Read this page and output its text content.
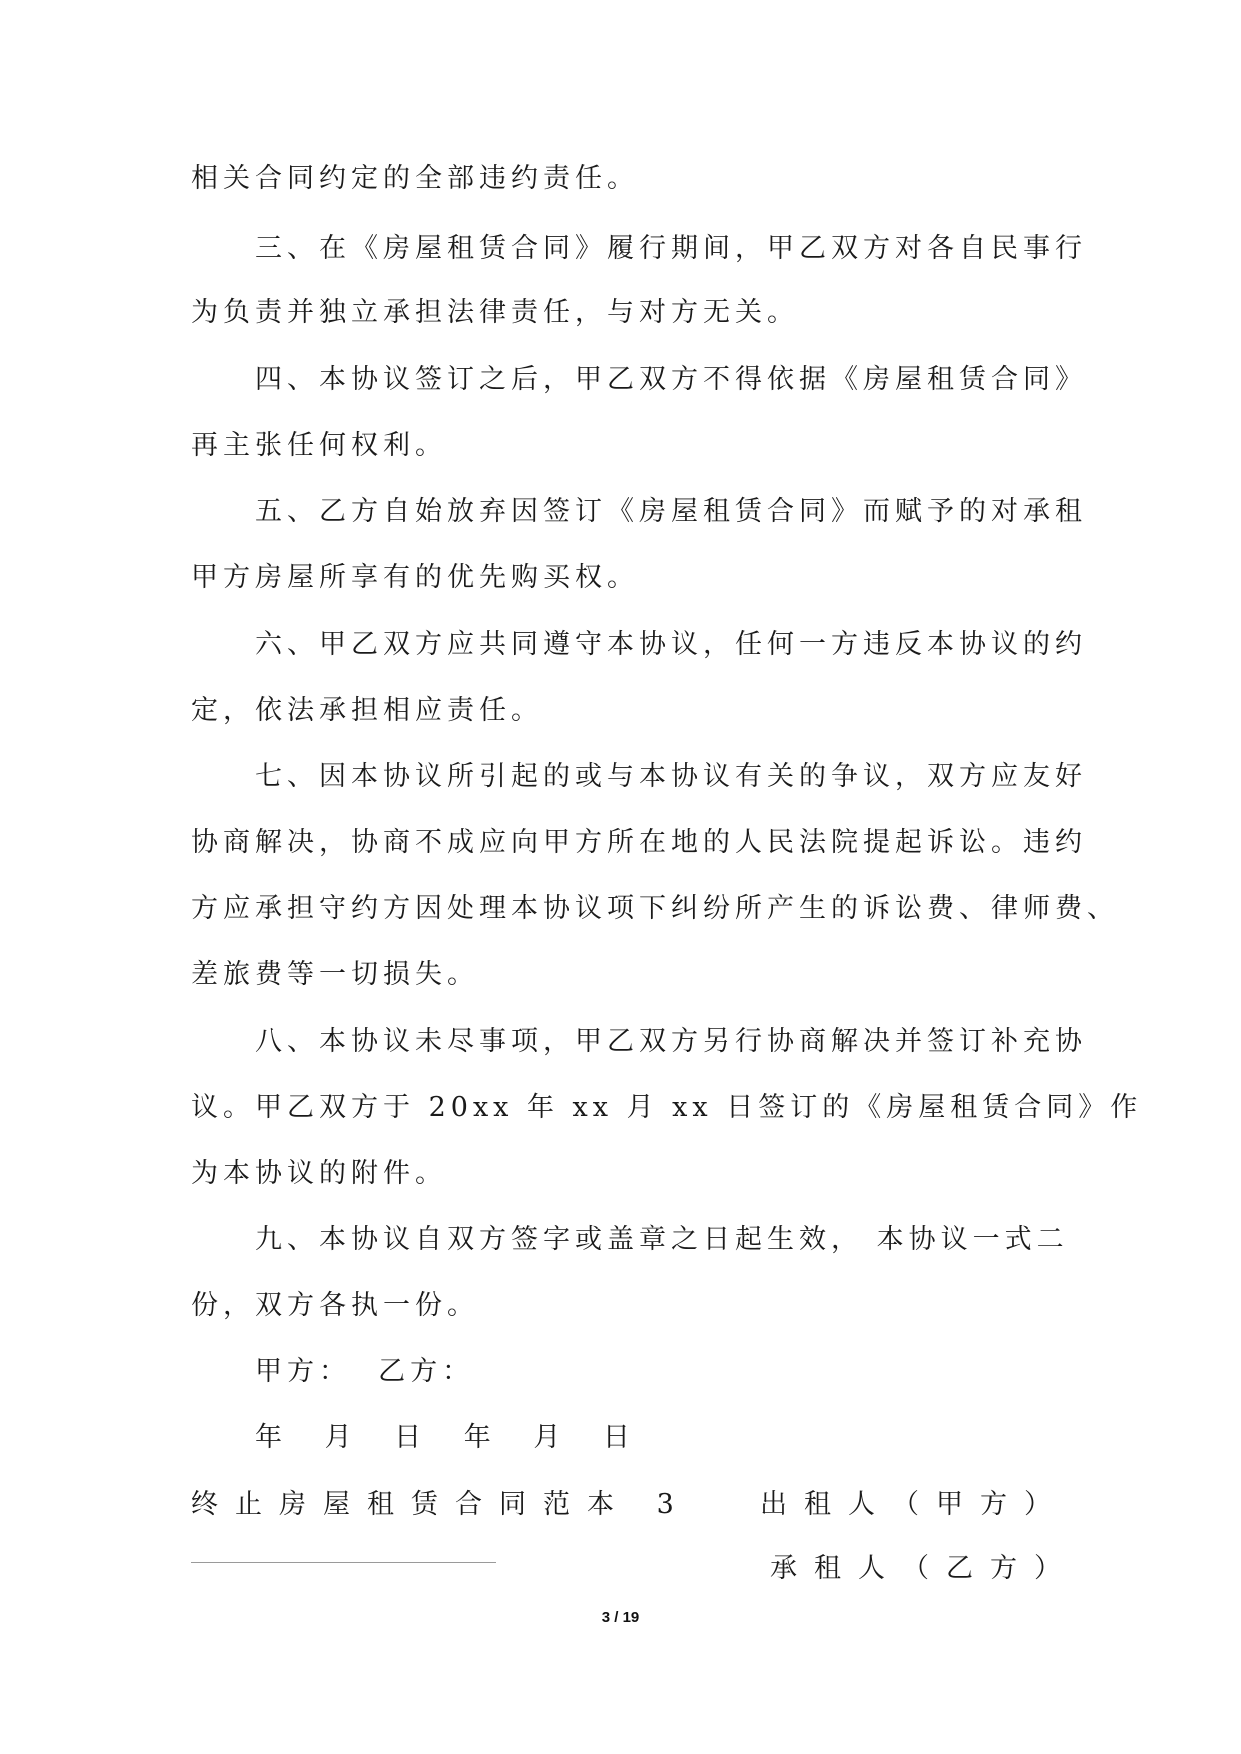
相关合同约定的全部违约责任。
三、在《房屋租赁合同》履行期间，甲乙双方对各自民事行
为负责并独立承担法律责任，与对方无关。
四、本协议签订之后，甲乙双方不得依据《房屋租赁合同》
再主张任何权利。
五、乙方自始放弃因签订《房屋租赁合同》而赋予的对承租
甲方房屋所享有的优先购买权。
六、甲乙双方应共同遵守本协议，任何一方违反本协议的约
定，依法承担相应责任。
七、因本协议所引起的或与本协议有关的争议，双方应友好
协商解决，协商不成应向甲方所在地的人民法院提起诉讼。违约
方应承担守约方因处理本协议项下纠纷所产生的诉讼费、律师费、
差旅费等一切损失。
八、本协议未尽事项，甲乙双方另行协商解决并签订补充协
议。甲乙双方于 20xx 年 xx 月 xx 日签订的《房屋租赁合同》作
为本协议的附件。
九、本协议自双方签字或盖章之日起生效， 本协议一式二
份，双方各执一份。
甲方：  乙方：
年 月 日 年 月 日
终止房屋租赁合同范本 3	出租人（甲方）
承租人（乙方）
3 / 19
